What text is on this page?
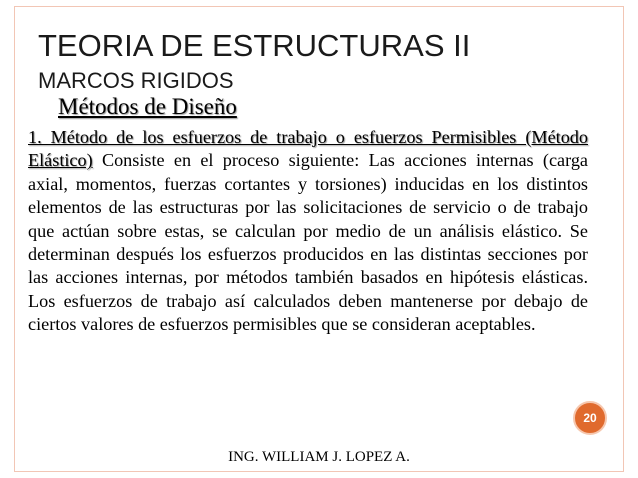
TEORIA DE ESTRUCTURAS II
MARCOS RIGIDOS
Métodos de Diseño
1. Método de los esfuerzos de trabajo o esfuerzos Permisibles (Método Elástico) Consiste en el proceso siguiente: Las acciones internas (carga axial, momentos, fuerzas cortantes y torsiones) inducidas en los distintos elementos de las estructuras por las solicitaciones de servicio o de trabajo que actúan sobre estas, se calculan por medio de un análisis elástico. Se determinan después los esfuerzos producidos en las distintas secciones por las acciones internas, por métodos también basados en hipótesis elásticas. Los esfuerzos de trabajo así calculados deben mantenerse por debajo de ciertos valores de esfuerzos permisibles que se consideran aceptables.
20
ING. WILLIAM J. LOPEZ A.
